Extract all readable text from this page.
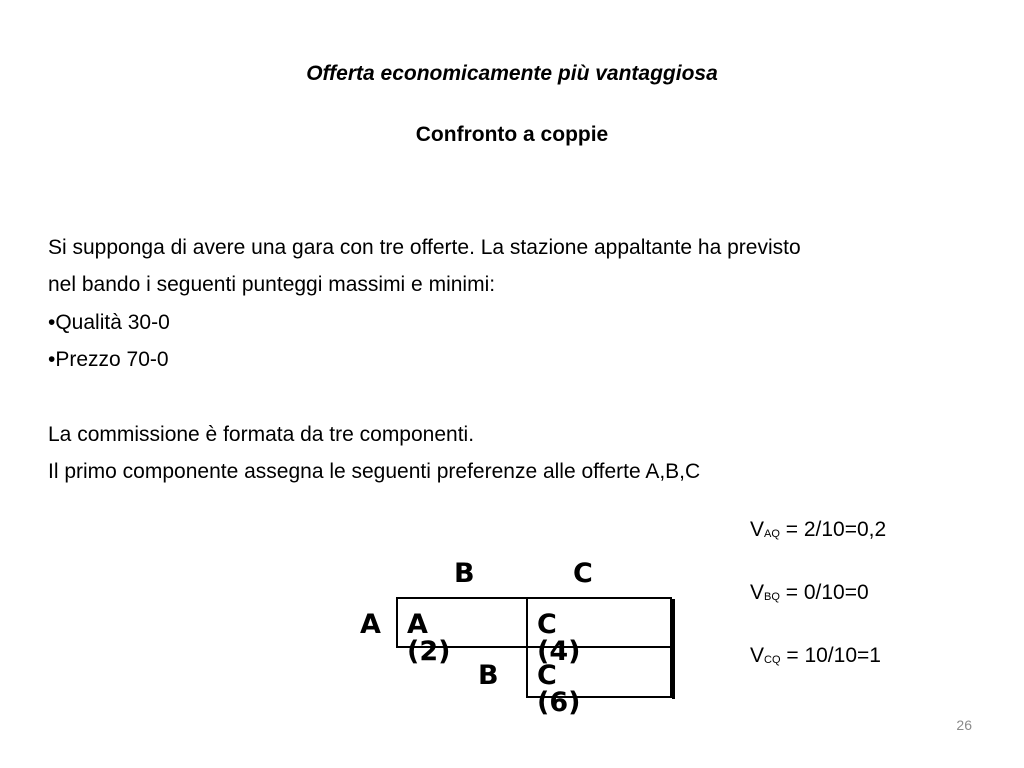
Offerta economicamente più vantaggiosa
Confronto a coppie
Si supponga di avere una gara con tre offerte. La stazione appaltante ha previsto
nel bando i seguenti punteggi massimi e minimi:
•Qualità 30-0
•Prezzo 70-0
La commissione è formata da tre componenti.
Il primo componente assegna le seguenti preferenze alle offerte A,B,C
B	C
A A (2)
C (4)
B C (6)
VAQ = 2/10=0,2
VBQ = 0/10=0
VCQ = 10/10=1
26
